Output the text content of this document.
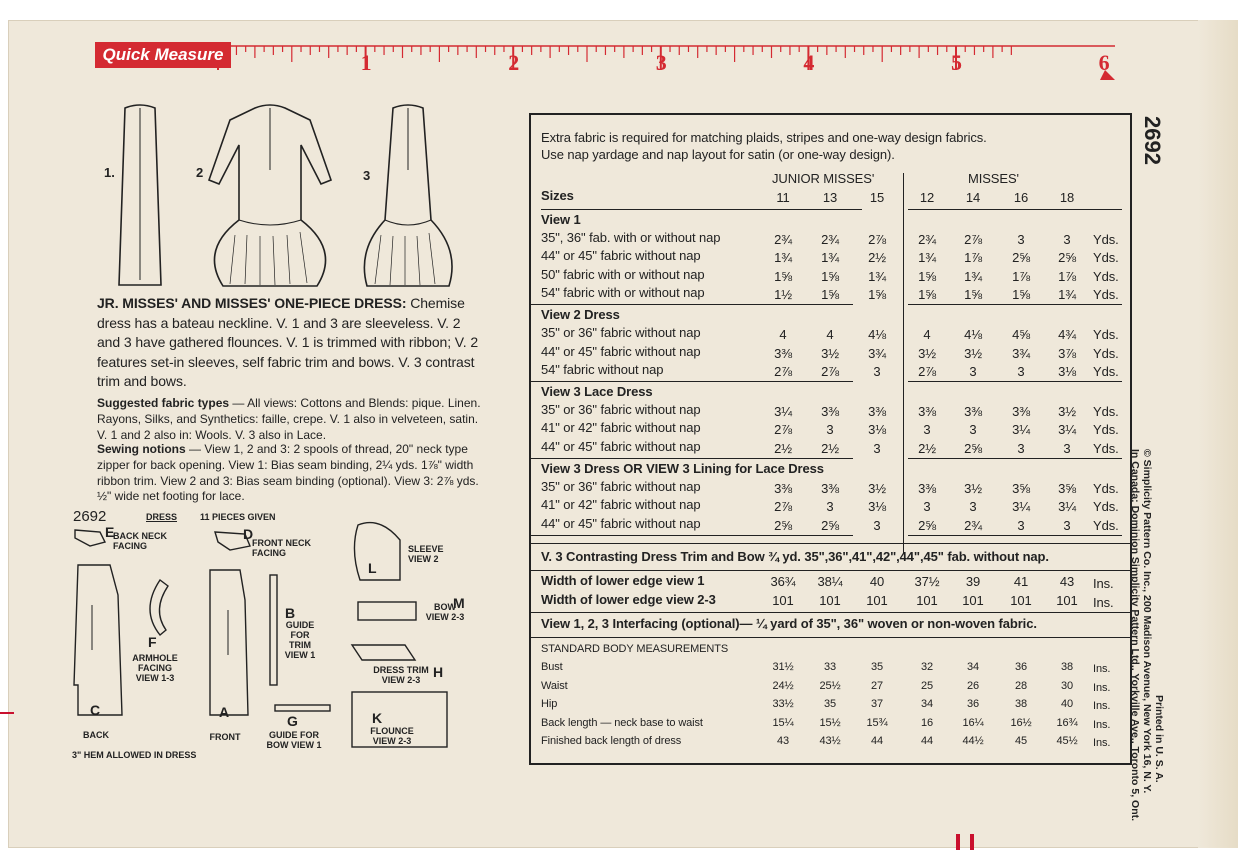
Quick Measure	1	2	3	4	5	6
2692
1.	2	3
JR. MISSES' AND MISSES' ONE-PIECE DRESS: Chemise dress has a bateau neckline. V. 1 and 3 are sleeveless. V. 2 and 3 have gathered flounces. V. 1 is trimmed with ribbon; V. 2 features set-in sleeves, self fabric trim and bows. V. 3 contrast trim and bows.
Suggested fabric types — All views: Cottons and Blends: pique. Linen. Rayons, Silks, and Synthetics: faille, crepe. V. 1 also in velveteen, satin. V. 1 and 2 also in: Wools. V. 3 also in Lace.
Sewing notions — View 1, 2 and 3: 2 spools of thread, 20" neck type zipper for back opening. View 1: Bias seam binding, 2¼ yds. 1⅞" width ribbon trim. View 2 and 3: Bias seam binding (optional). View 3: 2⅞ yds. ½" wide net footing for lace.
2692	DRESS	11 PIECES GIVEN
E
BACK NECK FACING
D
FRONT NECK FACING
L
SLEEVE VIEW 2
F
ARMHOLE FACING VIEW 1-3
B
GUIDE FOR TRIM VIEW 1
M
BOW VIEW 2-3
H
DRESS TRIM VIEW 2-3
C
BACK
A
FRONT
G
GUIDE FOR BOW VIEW 1
K
FLOUNCE VIEW 2-3
3" HEM ALLOWED IN DRESS
Extra fabric is required for matching plaids, stripes and one-way design fabrics.
Use nap yardage and nap layout for satin (or one-way design).
JUNIOR MISSES'	MISSES'
Sizes	11	13	15	12	14	16	18
View 1
35", 36" fab. with or without nap	2¾	2¾	2⅞	2¾	2⅞	3	3	Yds.
44" or 45" fabric without nap	1¾	1¾	2½	1¾	1⅞	2⅝	2⅝	Yds.
50" fabric with or without nap	1⅝	1⅝	1¾	1⅝	1¾	1⅞	1⅞	Yds.
54" fabric with or without nap	1½	1⅝	1⅝	1⅝	1⅝	1⅝	1¾	Yds.
View 2 Dress
35" or 36" fabric without nap	4	4	4⅛	4	4⅛	4⅝	4¾	Yds.
44" or 45" fabric without nap	3⅜	3½	3¾	3½	3½	3¾	3⅞	Yds.
54" fabric without nap	2⅞	2⅞	3	2⅞	3	3	3⅛	Yds.
View 3 Lace Dress
35" or 36" fabric without nap	3¼	3⅜	3⅜	3⅜	3⅜	3⅜	3½	Yds.
41" or 42" fabric without nap	2⅞	3	3⅛	3	3	3¼	3¼	Yds.
44" or 45" fabric without nap	2½	2½	3	2½	2⅝	3	3	Yds.
View 3 Dress OR VIEW 3 Lining for Lace Dress
35" or 36" fabric without nap	3⅜	3⅜	3½	3⅜	3½	3⅝	3⅝	Yds.
41" or 42" fabric without nap	2⅞	3	3⅛	3	3	3¼	3¼	Yds.
44" or 45" fabric without nap	2⅝	2⅝	3	2⅝	2¾	3	3	Yds.
V. 3 Contrasting Dress Trim and Bow ¾ yd. 35",36",41",42",44",45" fab. without nap.
Width of lower edge view 1	36¾ 38¼	40	37½	39	41	43	Ins.
Width of lower edge view 2-3	101	101	101	101	101	101	101	Ins.
View 1, 2, 3 Interfacing (optional)— ¼ yard of 35", 36" woven or non-woven fabric.
STANDARD BODY MEASUREMENTS
Bust	31½	33	35	32	34	36	38	Ins.
Waist	24½	25½	27	25	26	28	30	Ins.
Hip	33½	35	37	34	36	38	40	Ins.
Back length — neck base to waist	15¼	15½	15¾	16	16¼	16½	16¾	Ins.
Finished back length of dress	43	43½	44	44	44½	45	45½	Ins.	© Simplicity Pattern Co. Inc., 200 Madison Avenue, New York 16, N. Y.
In Canada: Dominion Simplicity Pattern Ltd., Yorkville Ave., Toronto 5, Ont. Printed in U. S. A.
